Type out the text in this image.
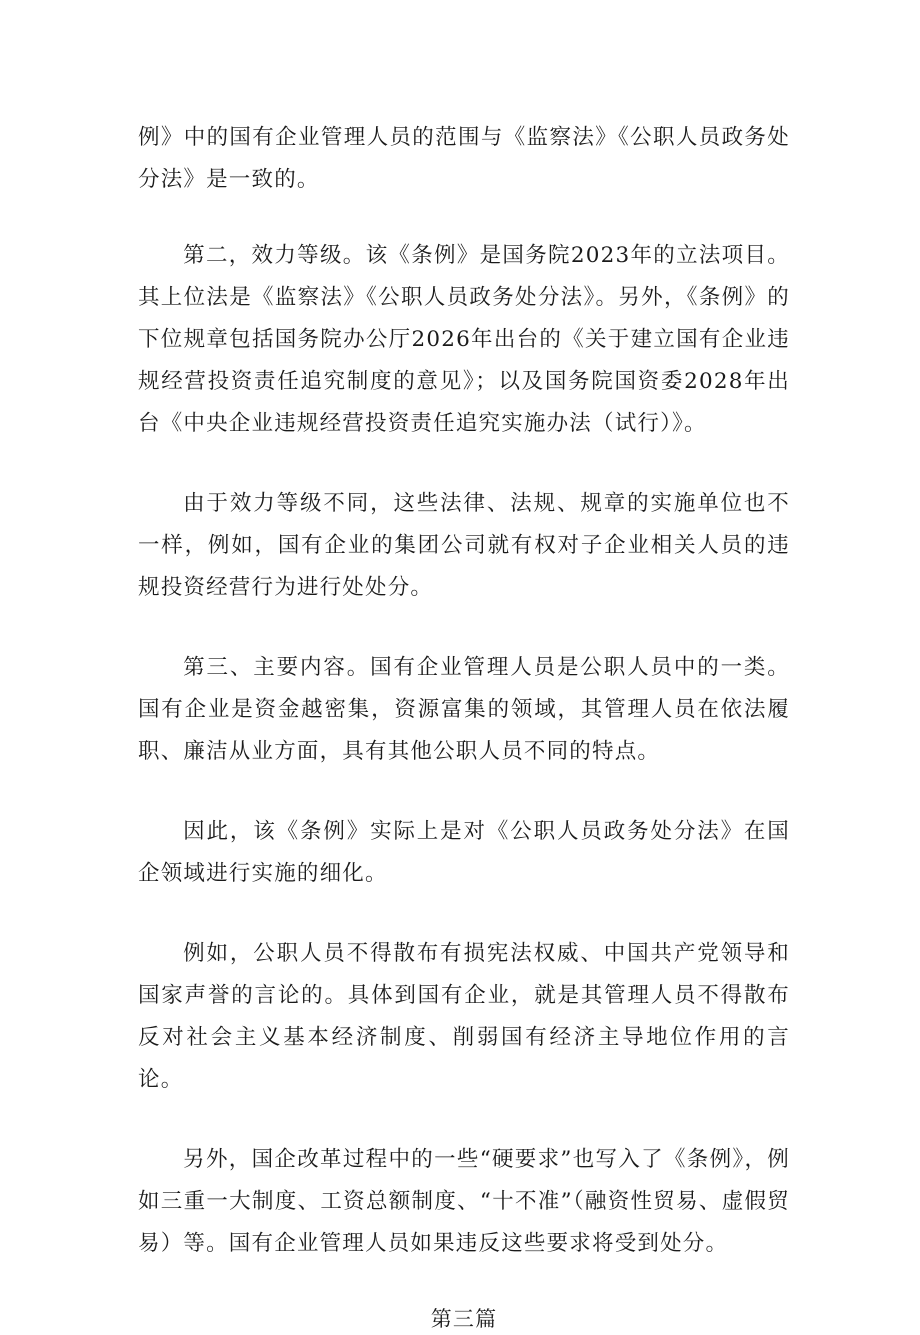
例》中的国有企业管理人员的范围与《监察法》《公职人员政务处分法》是一致的。

第二，效力等级。该《条例》是国务院2023年的立法项目。其上位法是《监察法》《公职人员政务处分法》。另外，《条例》的下位规章包括国务院办公厅2026年出台的《关于建立国有企业违规经营投资责任追究制度的意见》；以及国务院国资委2028年出台《中央企业违规经营投资责任追究实施办法（试行）》。

由于效力等级不同，这些法律、法规、规章的实施单位也不一样，例如，国有企业的集团公司就有权对子企业相关人员的违规投资经营行为进行处处分。

第三、主要内容。国有企业管理人员是公职人员中的一类。国有企业是资金越密集，资源富集的领域，其管理人员在依法履职、廉洁从业方面，具有其他公职人员不同的特点。

因此，该《条例》实际上是对《公职人员政务处分法》在国企领域进行实施的细化。

例如，公职人员不得散布有损宪法权威、中国共产党领导和国家声誉的言论的。具体到国有企业，就是其管理人员不得散布反对社会主义基本经济制度、削弱国有经济主导地位作用的言论。

另外，国企改革过程中的一些“硬要求”也写入了《条例》，例如三重一大制度、工资总额制度、“十不准”（融资性贸易、虚假贸易）等。国有企业管理人员如果违反这些要求将受到处分。

第三篇
